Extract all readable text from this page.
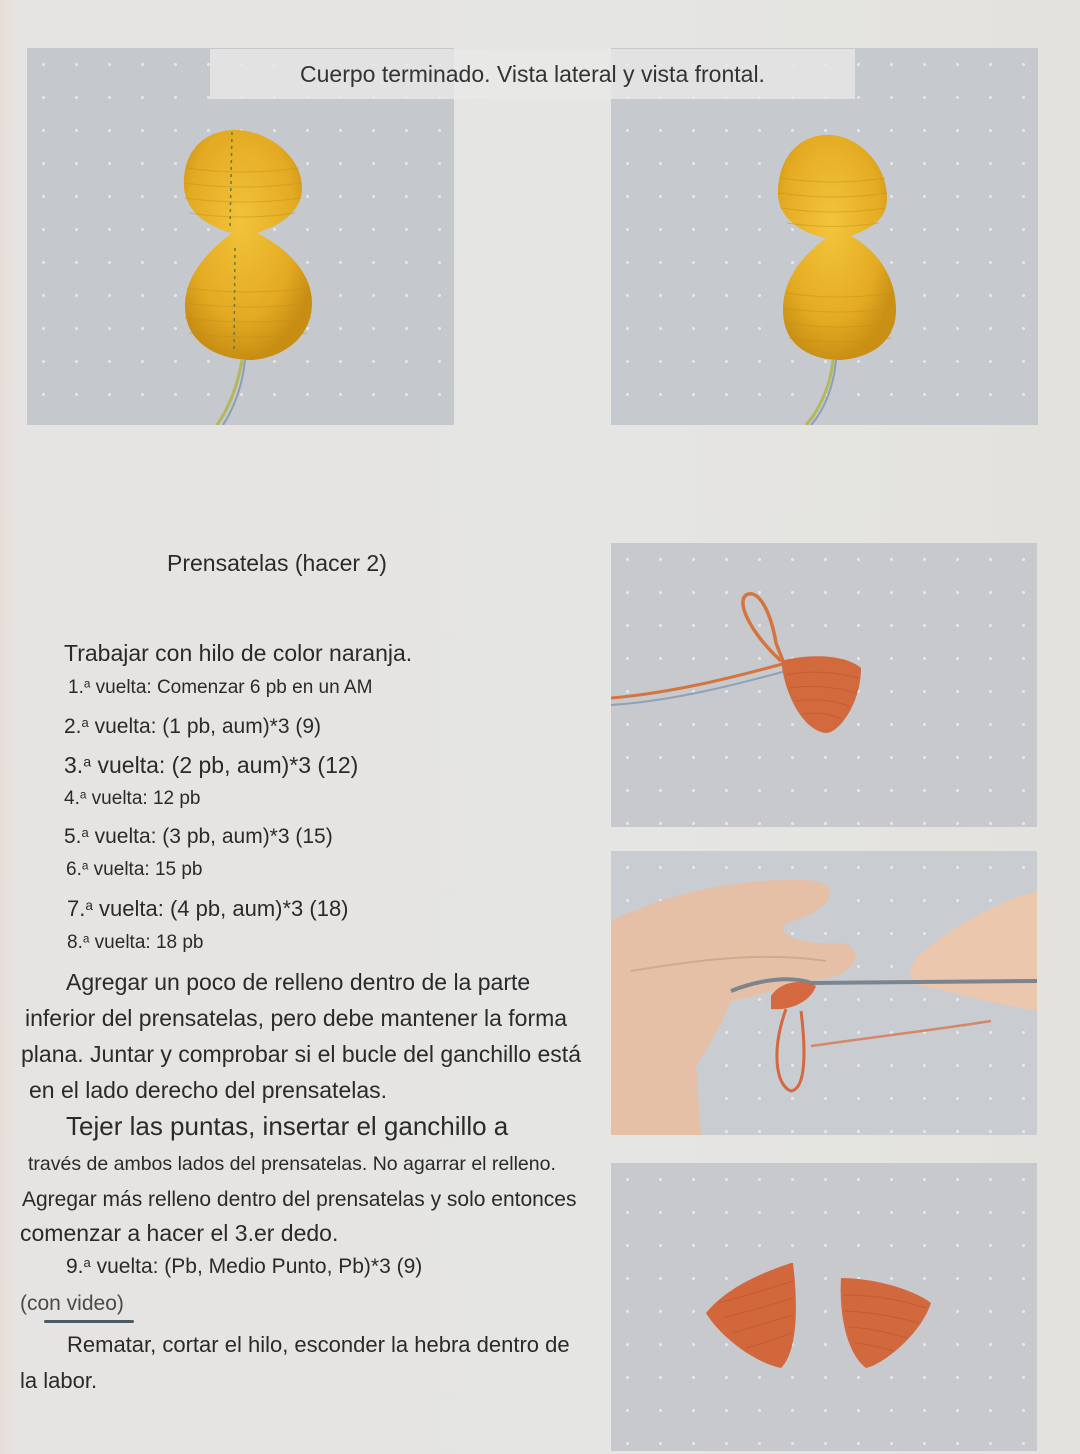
Cuerpo terminado. Vista lateral y vista frontal.
Prensatelas (hacer 2)
Trabajar con hilo de color naranja.
1.$^a$ vuelta: Comenzar 6 pb en un AM
2.$^a$ vuelta: (1 pb, aum)*3 (9)
3.$^a$ vuelta: (2 pb, aum)*3 (12)
4.$^a$ vuelta: 12 pb
5.$^a$ vuelta: (3 pb, aum)*3 (15)
6.$^a$ vuelta: 15 pb
7.$^a$ vuelta: (4 pb, aum)*3 (18)
8.$^a$ vuelta: 18 pb
Agregar un poco de relleno dentro de la parte
inferior del prensatelas, pero debe mantener la forma
plana. Juntar y comprobar si el bucle del ganchillo está
en el lado derecho del prensatelas.
Tejer las puntas, insertar el ganchillo a
través de ambos lados del prensatelas. No agarrar el relleno.
Agregar más relleno dentro del prensatelas y solo entonces
comenzar a hacer el 3.er dedo.
9.$^a$ vuelta: (Pb, Medio Punto, Pb)*3 (9)
(con video)
Rematar, cortar el hilo, esconder la hebra dentro de
la labor.
